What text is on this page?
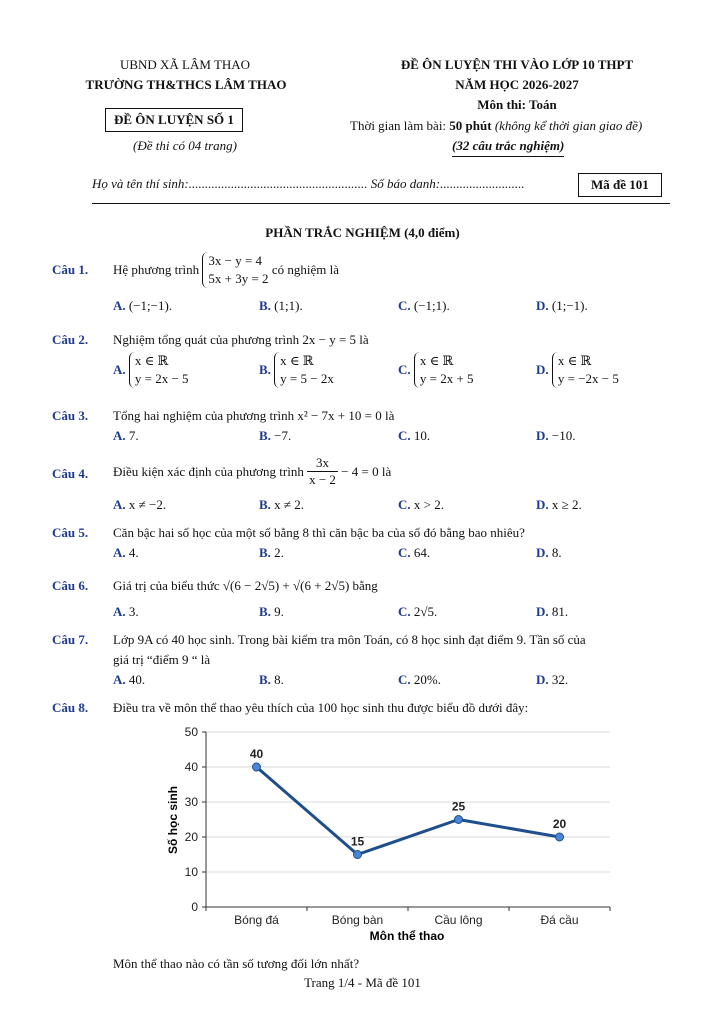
UBND XÃ LÂM THAO
TRƯỜNG TH&THCS LÂM THAO
ĐỀ ÔN LUYỆN SỐ 1
(Đề thi có 04 trang)
ĐỀ ÔN LUYỆN THI VÀO LỚP 10 THPT
NĂM HỌC 2026-2027
Môn thi: Toán
Thời gian làm bài: 50 phút (không kể thời gian giao đề)
(32 câu trắc nghiệm)
Họ và tên thí sinh:....................................................... Số báo danh:..........................	Mã đề 101
PHẦN TRẮC NGHIỆM (4,0 điểm)
Câu 1. Hệ phương trình 3x − y = 4
5x + 3y = 2 có nghiệm là
A. (−1;−1).	B. (1;1).	C. (−1;1).	D. (1;−1).
Câu 2. Nghiệm tổng quát của phương trình 2x − y = 5 là
A. x ∈ ℝ
y = 2x − 5
B. x ∈ ℝ
y = 5 − 2x
C. x ∈ ℝ
y = 2x + 5
D. x ∈ ℝ
y = −2x − 5
Câu 3. Tổng hai nghiệm của phương trình x² − 7x + 10 = 0 là
A. 7.	B. −7.	C. 10.	D. −10.
Câu 4. Điều kiện xác định của phương trình $\frac{3x}{x - 2} - 4 = 0$ là
A. x ≠ −2.	B. x ≠ 2.	C. x > 2.	D. x ≥ 2.
Câu 5. Căn bậc hai số học của một số bằng 8 thì căn bậc ba của số đó bằng bao nhiêu?
A. 4.	B. 2.	C. 64.	D. 8.
Câu 6. Giá trị của biểu thức √(6 − 2√5) + √(6 + 2√5) bằng
A. 3.	B. 9.	C. 2√5.	D. 81.
Câu 7. Lớp 9A có 40 học sinh. Trong bài kiểm tra môn Toán, có 8 học sinh đạt điểm 9. Tần số của
giá trị “điểm 9 “ là
A. 40.	B. 8.	C. 20%.	D. 32.
Câu 8. Điều tra về môn thể thao yêu thích của 100 học sinh thu được biểu đồ dưới đây:
0
10
20
30
40
50
Bóng đá	Bóng bàn	Cầu lông	Đá cầu
40
15
25
20
Số học sinh
Môn thể thao
Môn thể thao nào có tần số tương đối lớn nhất?
Trang 1/4 - Mã đề 101
